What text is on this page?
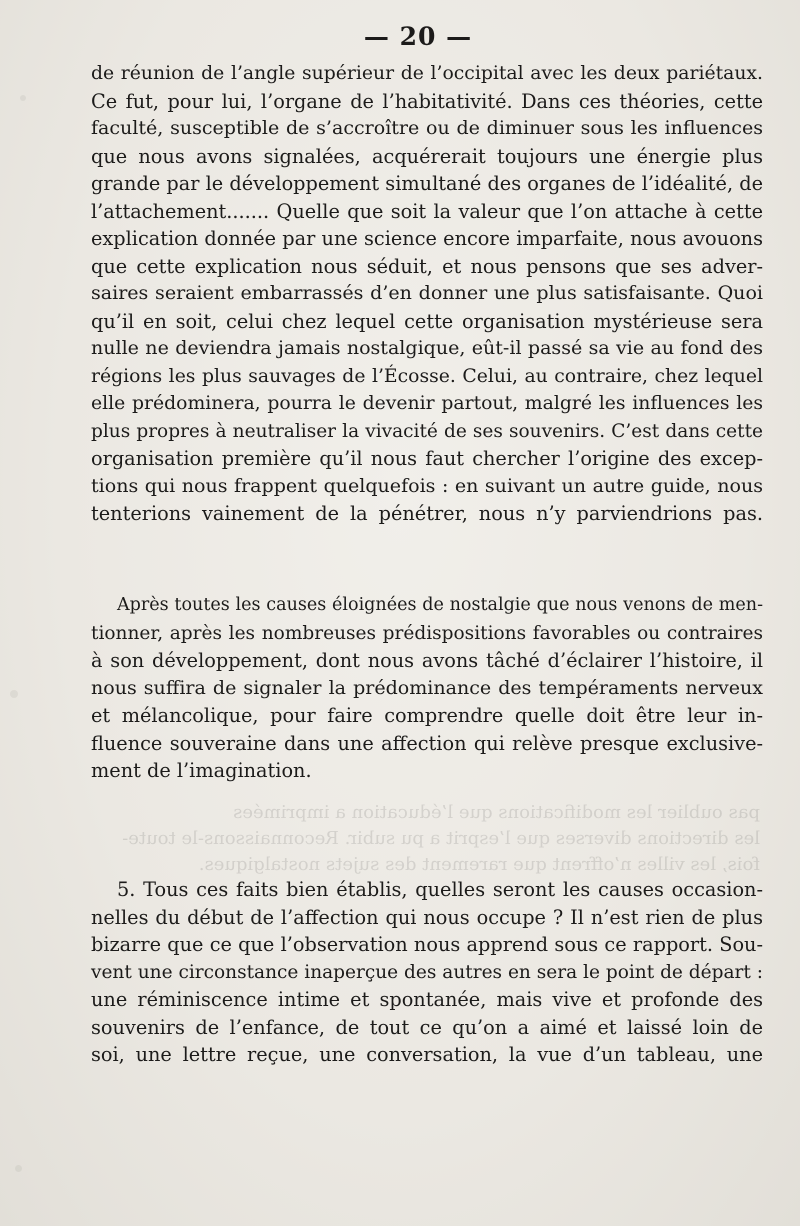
pas oublier les modifications que l’éducation a imprimées
les directions diverses que l’esprit a pu subir. Reconnaissons-le toute-
fois, les villes n’offrent que rarement des sujets nostalgiques.
— 20 —
de réunion de l’angle supérieur de l’occipital avec les deux pariétaux.
Ce fut, pour lui, l’organe de l’habitativité. Dans ces théories, cette
faculté, susceptible de s’accroître ou de diminuer sous les influences
que nous avons signalées, acquérerait toujours une énergie plus
grande par le développement simultané des organes de l’idéalité, de
l’attachement....... Quelle que soit la valeur que l’on attache à cette
explication donnée par une science encore imparfaite, nous avouons
que cette explication nous séduit, et nous pensons que ses adver-
saires seraient embarrassés d’en donner une plus satisfaisante. Quoi
qu’il en soit, celui chez lequel cette organisation mystérieuse sera
nulle ne deviendra jamais nostalgique, eût-il passé sa vie au fond des
régions les plus sauvages de l’Écosse. Celui, au contraire, chez lequel
elle prédominera, pourra le devenir partout, malgré les influences les
plus propres à neutraliser la vivacité de ses souvenirs. C’est dans cette
organisation première qu’il nous faut chercher l’origine des excep-
tions qui nous frappent quelquefois : en suivant un autre guide, nous
tenterions vainement de la pénétrer, nous n’y parviendrions pas.
Après toutes les causes éloignées de nostalgie que nous venons de men-
tionner, après les nombreuses prédispositions favorables ou contraires
à son développement, dont nous avons tâché d’éclairer l’histoire, il
nous suffira de signaler la prédominance des tempéraments nerveux
et mélancolique, pour faire comprendre quelle doit être leur in-
fluence souveraine dans une affection qui relève presque exclusive-
ment de l’imagination.
5. Tous ces faits bien établis, quelles seront les causes occasion-
nelles du début de l’affection qui nous occupe ? Il n’est rien de plus
bizarre que ce que l’observation nous apprend sous ce rapport. Sou-
vent une circonstance inaperçue des autres en sera le point de départ :
une réminiscence intime et spontanée, mais vive et profonde des
souvenirs de l’enfance, de tout ce qu’on a aimé et laissé loin de
soi, une lettre reçue, une conversation, la vue d’un tableau, une
